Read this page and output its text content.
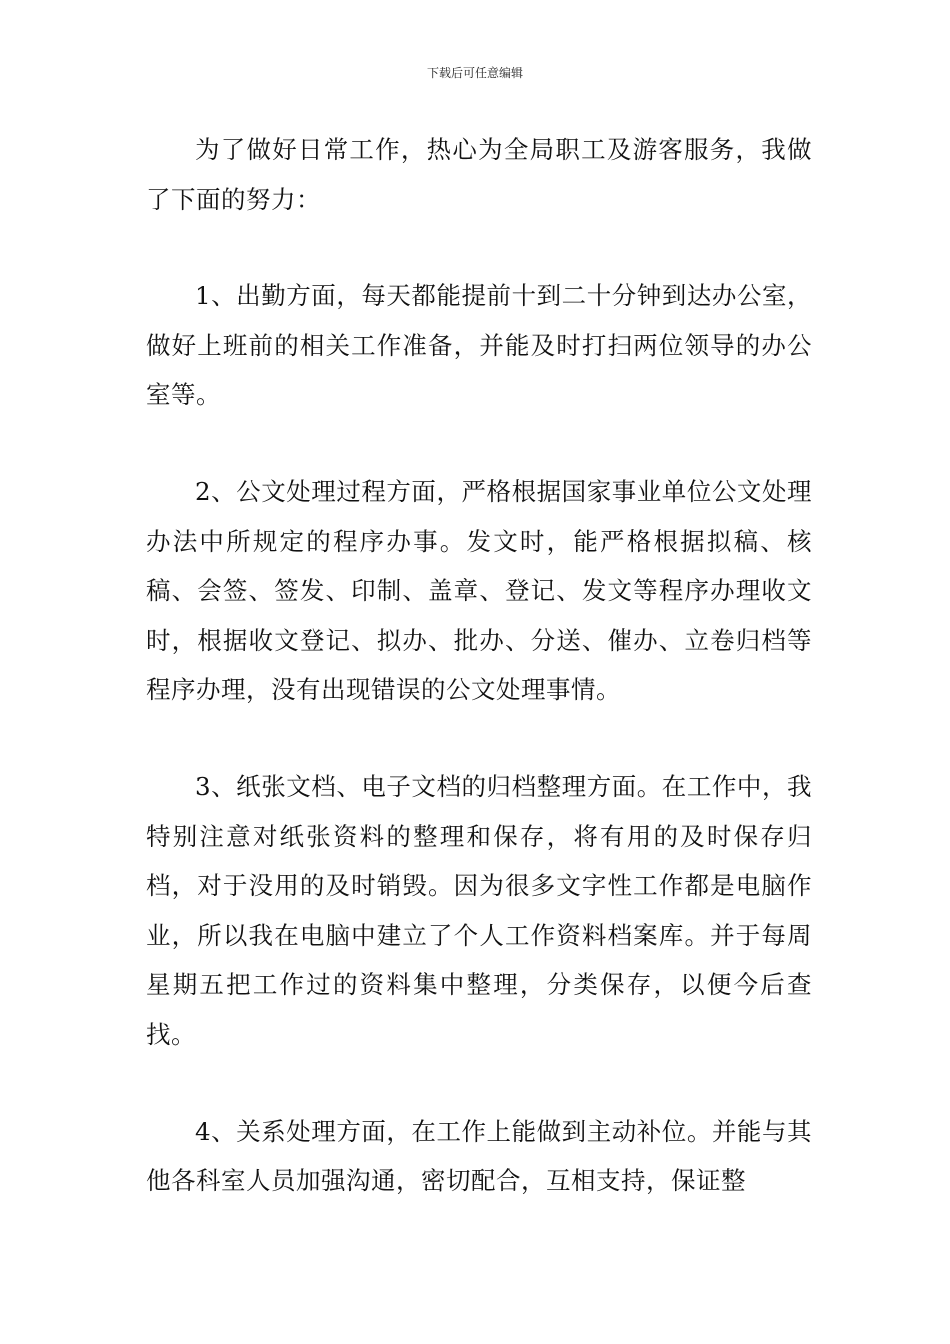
下载后可任意编辑

为了做好日常工作，热心为全局职工及游客服务，我做了下面的努力：

1、出勤方面，每天都能提前十到二十分钟到达办公室，做好上班前的相关工作准备，并能及时打扫两位领导的办公室等。

2、公文处理过程方面，严格根据国家事业单位公文处理办法中所规定的程序办事。发文时，能严格根据拟稿、核稿、会签、签发、印制、盖章、登记、发文等程序办理收文时，根据收文登记、拟办、批办、分送、催办、立卷归档等程序办理，没有出现错误的公文处理事情。

3、纸张文档、电子文档的归档整理方面。在工作中，我特别注意对纸张资料的整理和保存，将有用的及时保存归档，对于没用的及时销毁。因为很多文字性工作都是电脑作业，所以我在电脑中建立了个人工作资料档案库。并于每周星期五把工作过的资料集中整理，分类保存，以便今后查找。

4、关系处理方面，在工作上能做到主动补位。并能与其他各科室人员加强沟通，密切配合，互相支持，保证整
